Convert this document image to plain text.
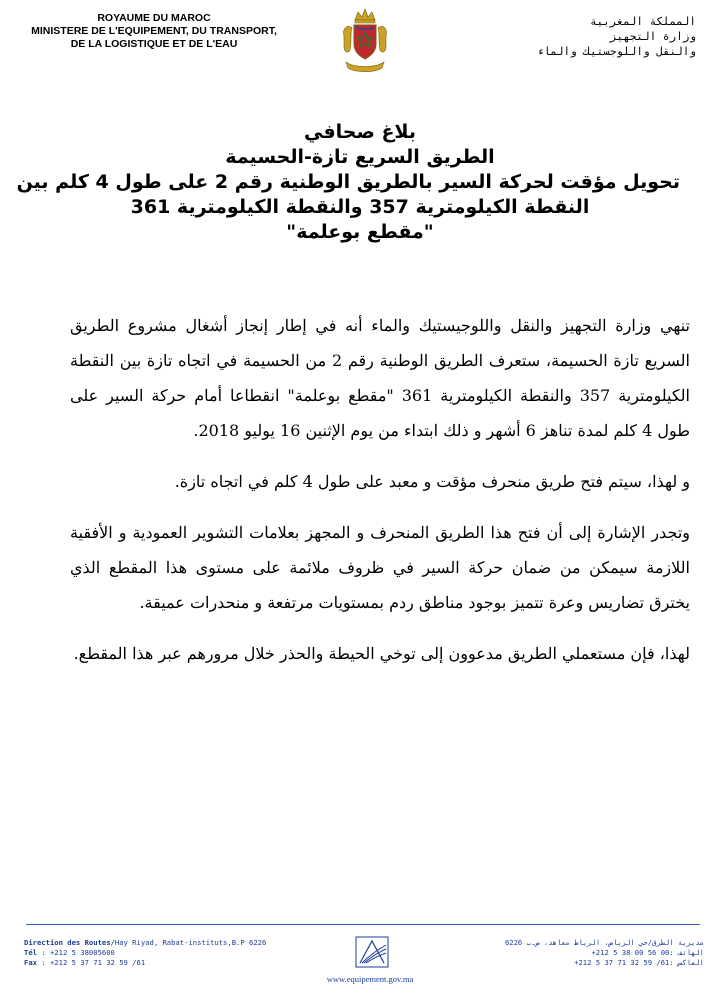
ROYAUME DU MAROC
MINISTERE DE L'EQUIPEMENT, DU TRANSPORT,
DE LA LOGISTIQUE ET DE L'EAU
المملكة المغربية
وزارة التجهيز
والنقل واللوجستيك والماء
بلاغ صحافي
الطريق السريع تازة-الحسيمة
تحويل مؤقت لحركة السير بالطريق الوطنية رقم 2 على طول 4 كلم بين
النقطة الكيلومترية 357 والنقطة الكيلومترية 361
"مقطع بوعلمة"

تنهي وزارة التجهيز والنقل واللوجيستيك والماء أنه في إطار إنجاز أشغال مشروع الطريق السريع تازة الحسيمة، ستعرف الطريق الوطنية رقم 2 من الحسيمة في اتجاه تازة بين النقطة الكيلومترية 357 والنقطة الكيلومترية 361 "مقطع بوعلمة" انقطاعا أمام حركة السير على طول 4 كلم لمدة تناهز 6 أشهر و ذلك ابتداء من يوم الإثنين 16 يوليو 2018.

و لهذا، سيتم فتح طريق منحرف مؤقت و معبد على طول 4 كلم في اتجاه تازة.

وتجدر الإشارة إلى أن فتح هذا الطريق المنحرف و المجهز بعلامات التشوير العمودية و الأفقية اللازمة سيمكن من ضمان حركة السير في ظروف ملائمة على مستوى هذا المقطع الذي يخترق تضاريس وعرة تتميز بوجود مناطق ردم بمستويات مرتفعة و منحدرات عميقة.

لهذا، فإن مستعملي الطريق مدعوون إلى توخي الحيطة والحذر خلال مرورهم عبر هذا المقطع.

Direction des Routes/Hay Riyad, Rabat-instituts,B.P 6226
Tél : +212 5 38005600
Fax : +212 5 37 71 32 59 /61
مديرية الطرق/حي الرياض، الرباط معاهد، ص.ب 6226
الهاتف :00 56 00 38 5 212+
الفاكس :61/ 59 32 71 37 5 212+
www.equipement.gov.ma
